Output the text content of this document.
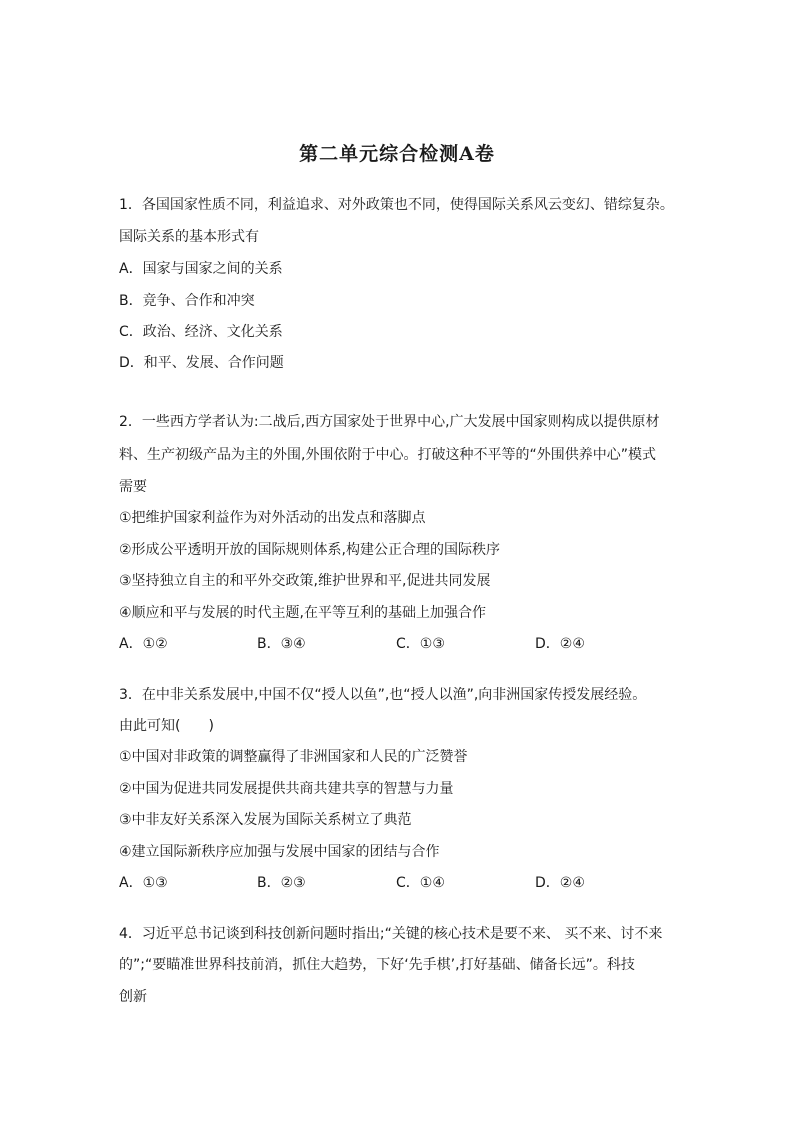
第二单元综合检测A卷
1．各国国家性质不同，利益追求、对外政策也不同，使得国际关系风云变幻、错综复杂。
国际关系的基本形式有
A．国家与国家之间的关系
B．竞争、合作和冲突
C．政治、经济、文化关系
D．和平、发展、合作问题
2．一些西方学者认为:二战后,西方国家处于世界中心,广大发展中国家则构成以提供原材
料、生产初级产品为主的外围,外围依附于中心。打破这种不平等的“外围供养中心”模式
需要
①把维护国家利益作为对外活动的出发点和落脚点
②形成公平透明开放的国际规则体系,构建公正合理的国际秩序
③坚持独立自主的和平外交政策,维护世界和平,促进共同发展
④顺应和平与发展的时代主题,在平等互利的基础上加强合作
A．①②	B．③④	C．①③	D．②④
3．在中非关系发展中,中国不仅“授人以鱼”,也“授人以渔”,向非洲国家传授发展经验。
由此可知(　　)
①中国对非政策的调整赢得了非洲国家和人民的广泛赞誉
②中国为促进共同发展提供共商共建共享的智慧与力量
③中非友好关系深入发展为国际关系树立了典范
④建立国际新秩序应加强与发展中国家的团结与合作
A．①③	B．②③	C．①④	D．②④
4．习近平总书记谈到科技创新问题时指出;“关键的核心技术是要不来、 买不来、讨不来
的”;“要瞄准世界科技前消，抓住大趋势，下好‘先手棋’,打好基础、储备长远”。科技
创新
